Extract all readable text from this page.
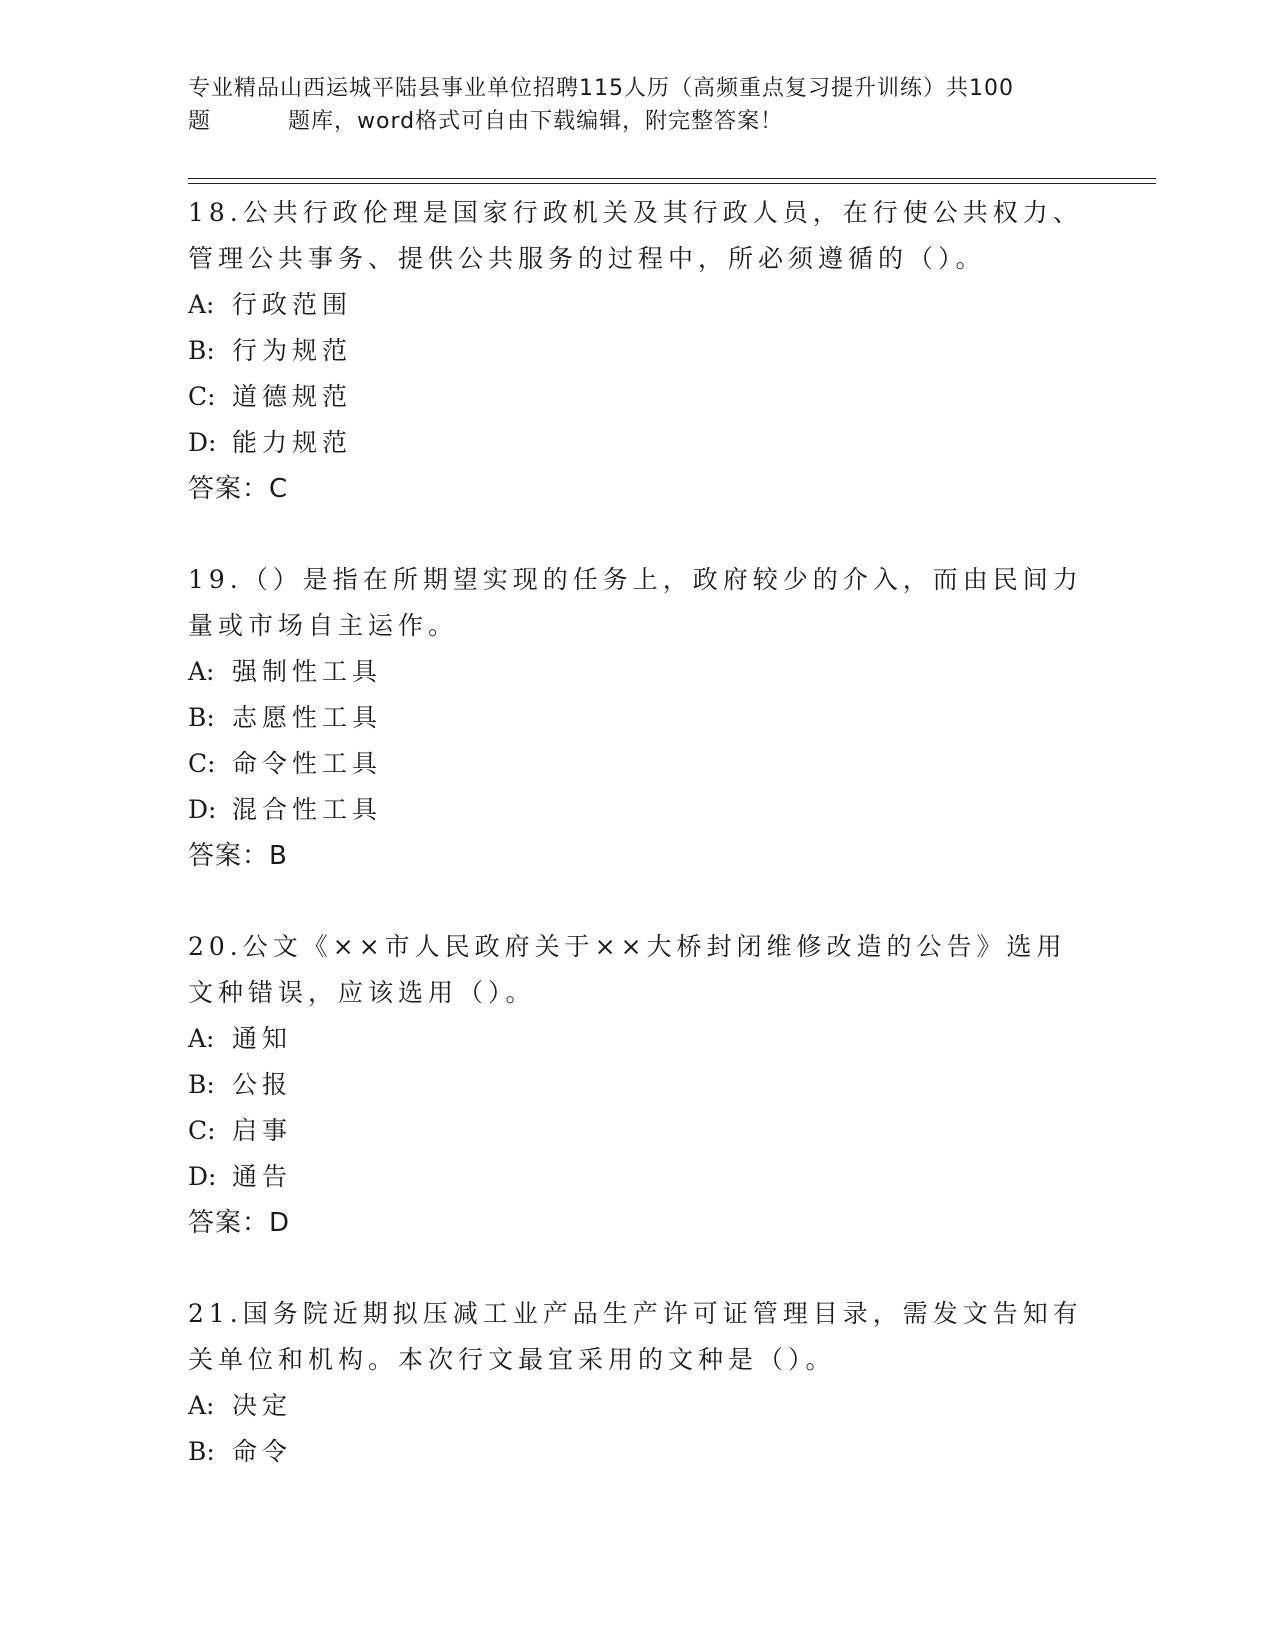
专业精品山西运城平陆县事业单位招聘115人历（高频重点复习提升训练）共100
题	题库，word格式可自由下载编辑，附完整答案！
18.公共行政伦理是国家行政机关及其行政人员，在行使公共权力、管理公共事务、提供公共服务的过程中，所必须遵循的（）。
A: 行政范围
B: 行为规范
C: 道德规范
D: 能力规范
答案：C
19.（）是指在所期望实现的任务上，政府较少的介入，而由民间力量或市场自主运作。
A: 强制性工具
B: 志愿性工具
C: 命令性工具
D: 混合性工具
答案：B
20.公文《××市人民政府关于××大桥封闭维修改造的公告》选用文种错误，应该选用（）。
A: 通知
B: 公报
C: 启事
D: 通告
答案：D
21.国务院近期拟压减工业产品生产许可证管理目录，需发文告知有关单位和机构。本次行文最宜采用的文种是（）。
A: 决定
B: 命令
